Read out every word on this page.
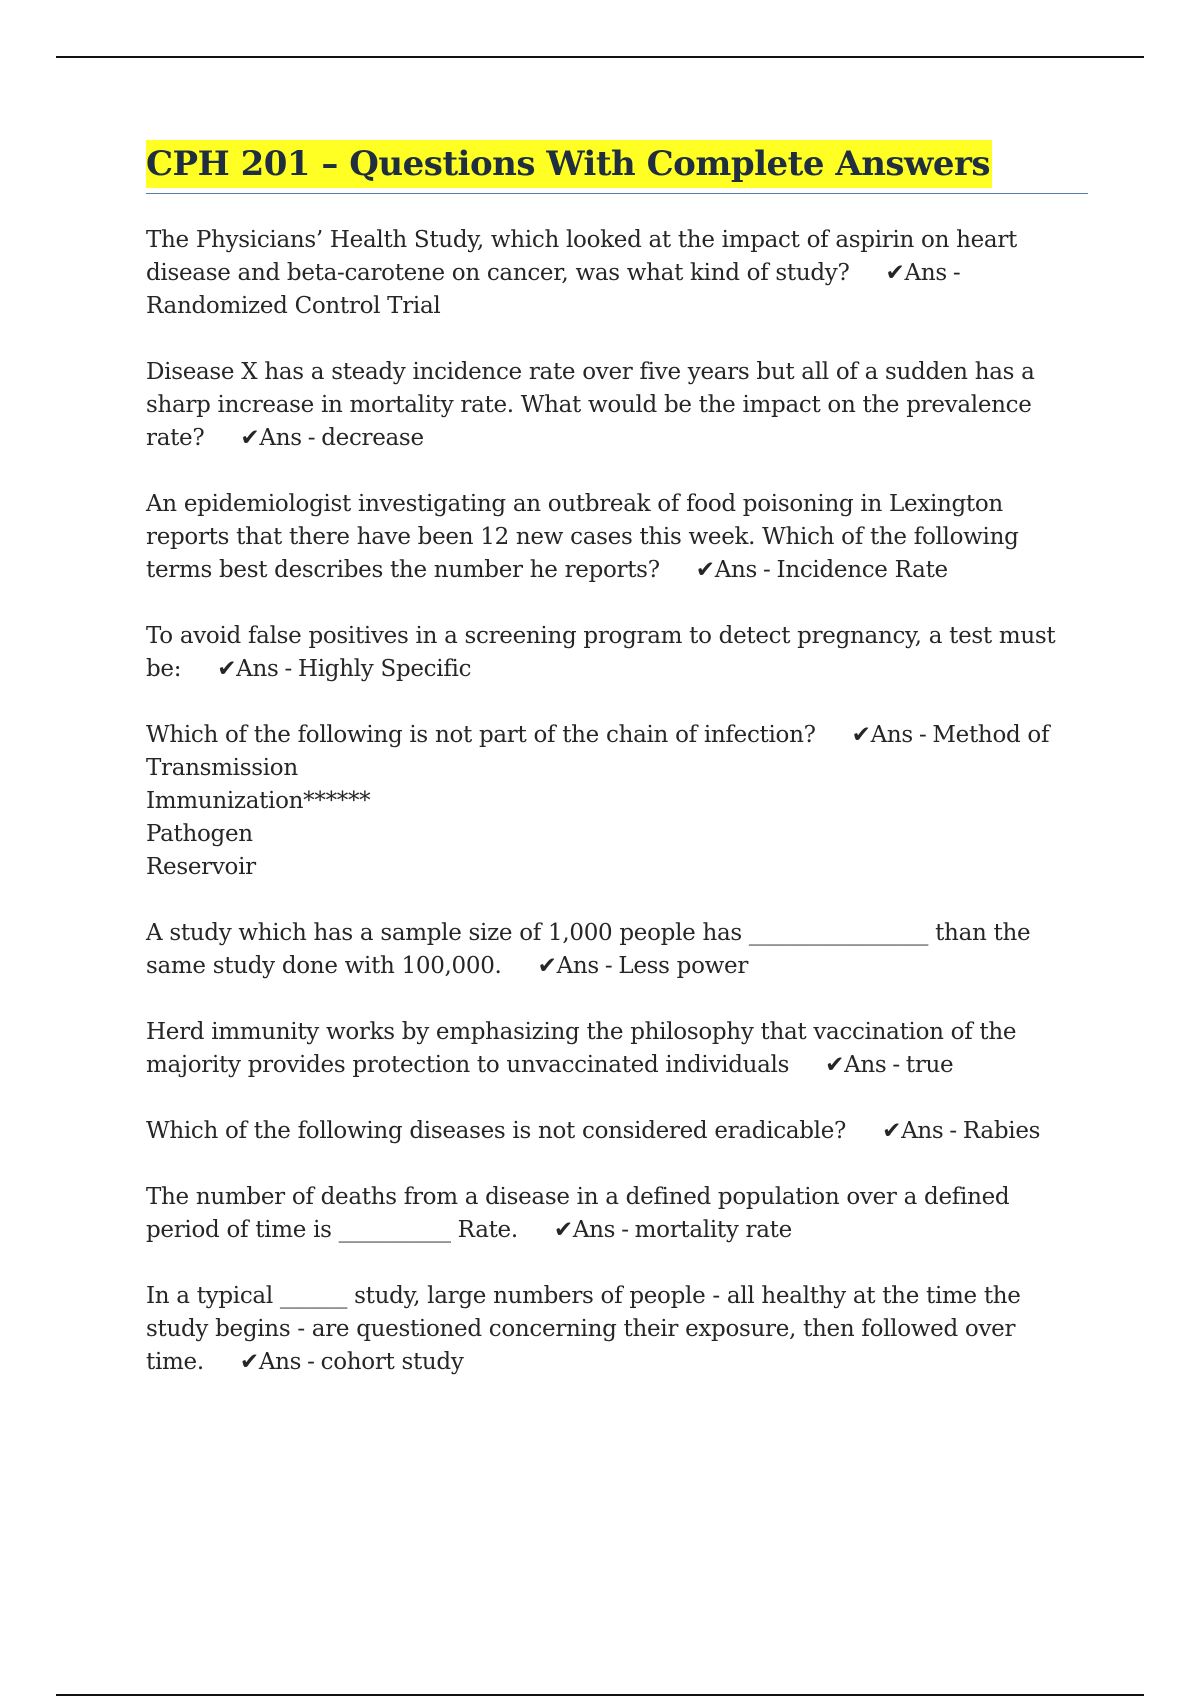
CPH 201 – Questions With Complete Answers

The Physicians’ Health Study, which looked at the impact of aspirin on heart disease and beta-carotene on cancer, was what kind of study? ✔Ans -Randomized Control Trial

Disease X has a steady incidence rate over five years but all of a sudden has a sharp increase in mortality rate. What would be the impact on the prevalence rate? ✔Ans - decrease

An epidemiologist investigating an outbreak of food poisoning in Lexington reports that there have been 12 new cases this week. Which of the following terms best describes the number he reports? ✔Ans - Incidence Rate

To avoid false positives in a screening program to detect pregnancy, a test must be: ✔Ans - Highly Specific

Which of the following is not part of the chain of infection? ✔Ans - Method of Transmission
Immunization******
Pathogen
Reservoir

A study which has a sample size of 1,000 people has ________________ than the same study done with 100,000. ✔Ans - Less power

Herd immunity works by emphasizing the philosophy that vaccination of the majority provides protection to unvaccinated individuals ✔Ans - true

Which of the following diseases is not considered eradicable? ✔Ans - Rabies

The number of deaths from a disease in a defined population over a defined period of time is __________ Rate. ✔Ans - mortality rate

In a typical ______ study, large numbers of people - all healthy at the time the study begins - are questioned concerning their exposure, then followed over time. ✔Ans - cohort study
